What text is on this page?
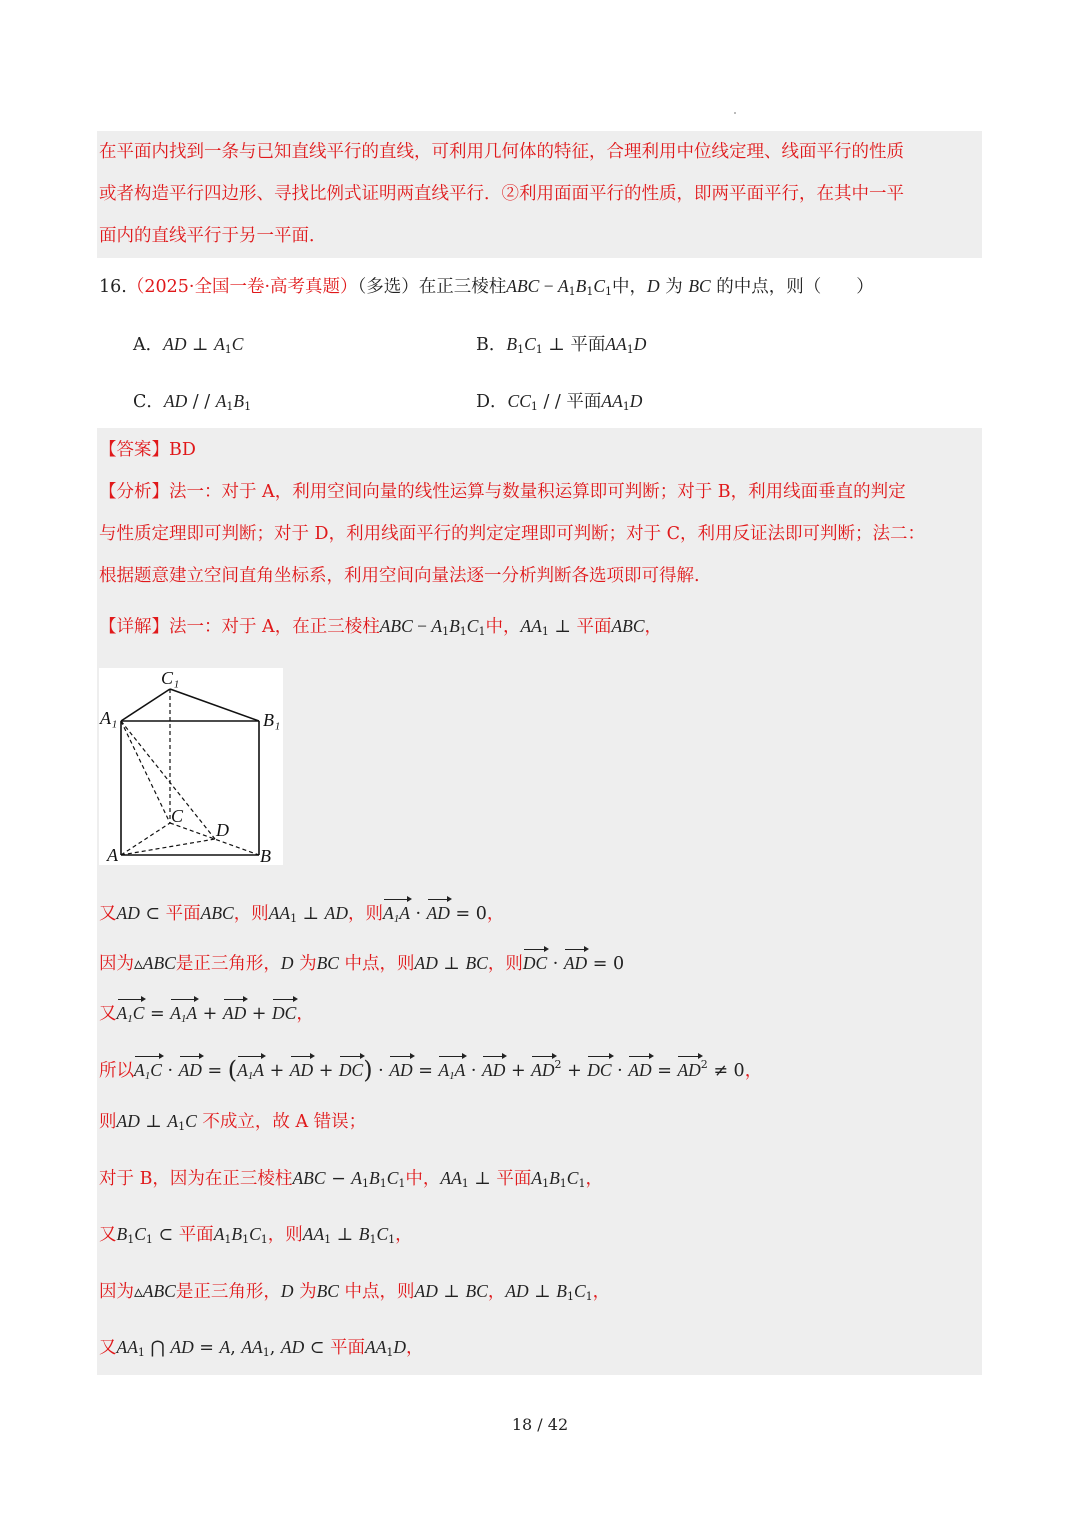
在平面内找到一条与已知直线平行的直线，可利用几何体的特征，合理利用中位线定理、线面平行的性质
或者构造平行四边形、寻找比例式证明两直线平行．②利用面面平行的性质，即两平面平行，在其中一平
面内的直线平行于另一平面．
16.（2025·全国一卷·高考真题）（多选）在正三棱柱ABC − $A_1B_1C_1$中，D 为 BC 的中点，则（　　）
A．AD ⊥ $A_1C$	B．$B_1C_1$ ⊥ 平面$AA_1D$
C．AD / / $A_1B_1$	D．$CC_1$ / / 平面$AA_1D$
【答案】BD
【分析】法一：对于 A，利用空间向量的线性运算与数量积运算即可判断；对于 B，利用线面垂直的判定
与性质定理即可判断；对于 D，利用线面平行的判定定理即可判断；对于 C，利用反证法即可判断；法二：
根据题意建立空间直角坐标系，利用空间向量法逐一分析判断各选项即可得解.
【详解】法一：对于 A，在正三棱柱ABC − $A_1B_1C_1$中，$AA_1$ ⊥ 平面ABC，
C₁
A₁	B₁
C
D
A	B
又AD ⊂ 平面ABC，则$AA_1$ ⊥ AD，则$A_1A$ · AD = 0，
因为▵ABC是正三角形，D 为BC 中点，则AD ⊥ BC，则DC · AD = 0
又$A_1C = A_1A$ + AD + DC，
所以$A_1C$ · AD = ($A_1A$ + AD + DC) · AD = $A_1A$ · AD + $AD^2$ + DC · AD = $AD^2 \ne 0$，
则AD ⊥ $A_1C$ 不成立，故 A 错误；
对于 B，因为在正三棱柱ABC − $A_1B_1C_1$中，$AA_1$ ⊥ 平面$A_1B_1C_1$，
又$B_1C_1$ ⊂ 平面$A_1B_1C_1$，则$AA_1$ ⊥ $B_1C_1$，
因为▵ABC是正三角形，D 为BC 中点，则AD ⊥ BC，AD ⊥ $B_1C_1$，
又$AA_1$ ⋂ AD = A, $AA_1$, AD ⊂ 平面$AA_1D$，
18 / 42
